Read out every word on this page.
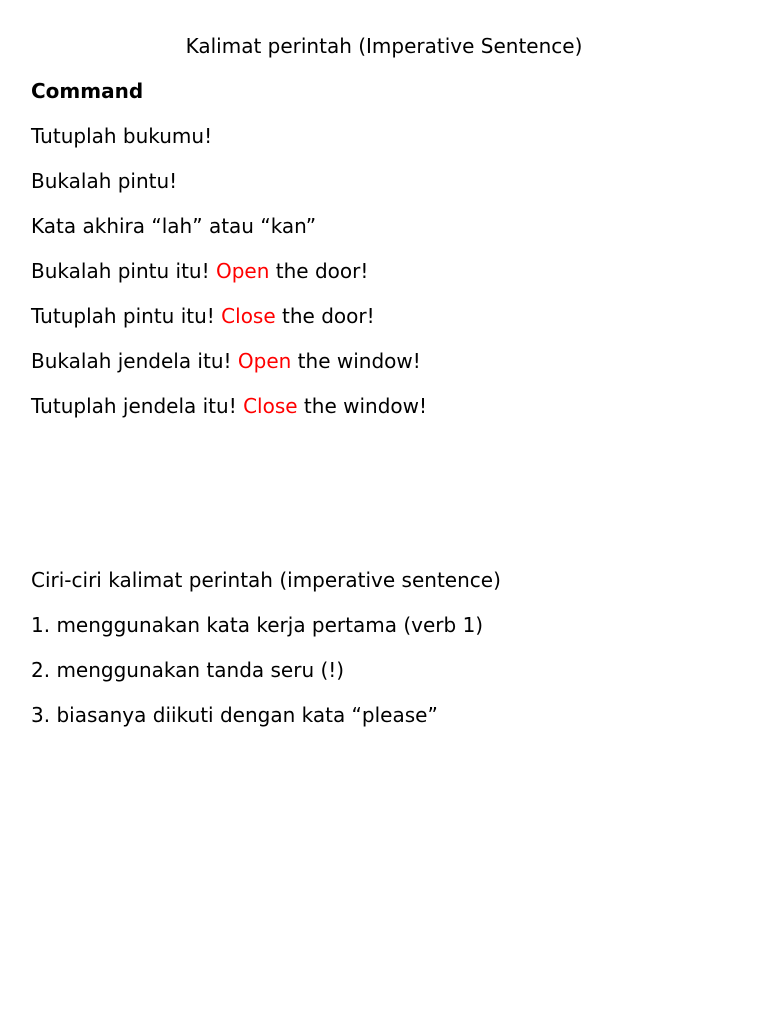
Kalimat perintah (Imperative Sentence)
Command
Tutuplah bukumu!
Bukalah pintu!
Kata akhira “lah” atau “kan”
Bukalah pintu itu! Open the door!
Tutuplah pintu itu! Close the door!
Bukalah jendela itu! Open the window!
Tutuplah jendela itu! Close the window!
Ciri-ciri kalimat perintah (imperative sentence)
1. menggunakan kata kerja pertama (verb 1)
2. menggunakan tanda seru (!)
3. biasanya diikuti dengan kata “please”
